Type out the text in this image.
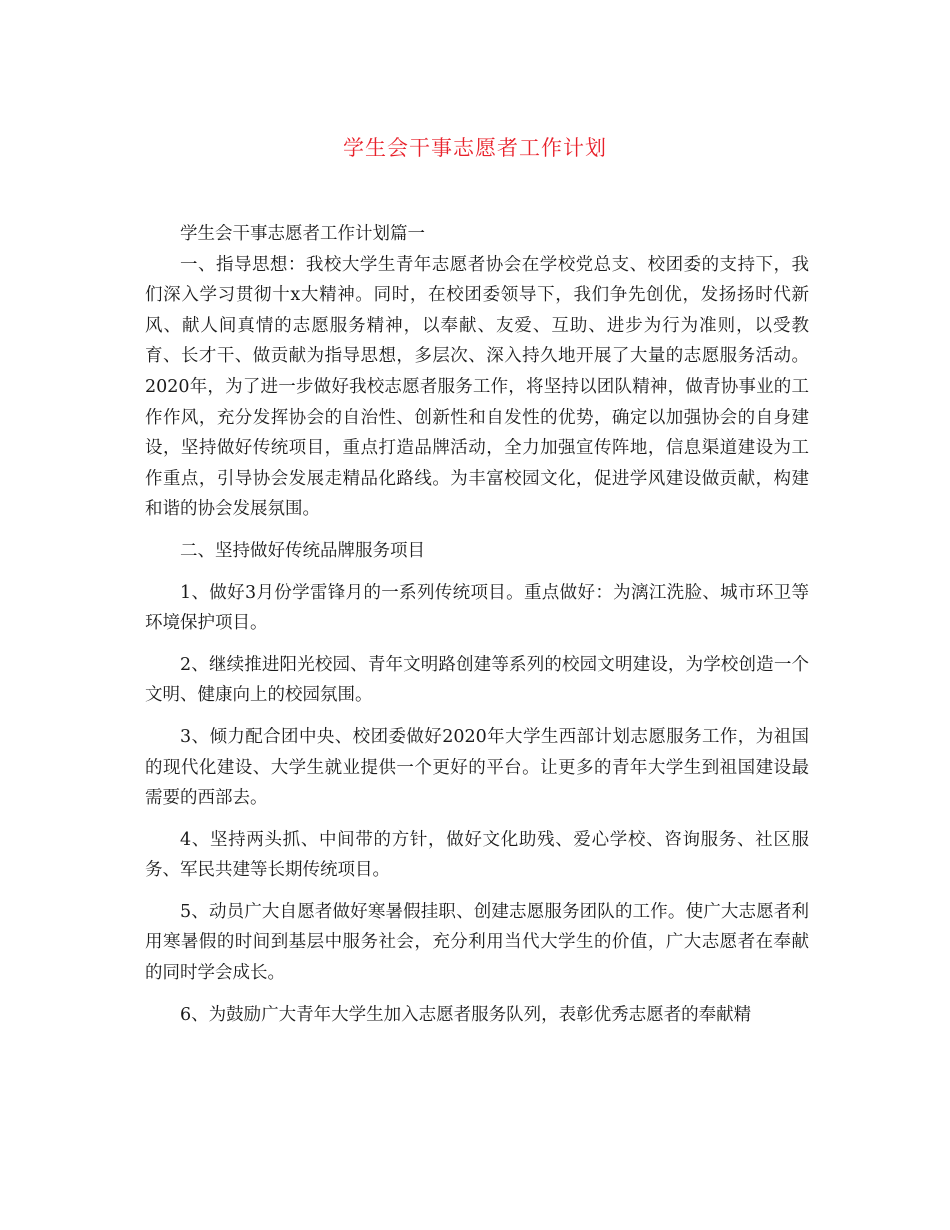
学生会干事志愿者工作计划

学生会干事志愿者工作计划篇一

一、指导思想：我校大学生青年志愿者协会在学校党总支、校团委的支持下，我们深入学习贯彻十x大精神。同时，在校团委领导下，我们争先创优，发扬扬时代新风、献人间真情的志愿服务精神，以奉献、友爱、互助、进步为行为准则，以受教育、长才干、做贡献为指导思想，多层次、深入持久地开展了大量的志愿服务活动。2020年，为了进一步做好我校志愿者服务工作，将坚持以团队精神，做青协事业的工作作风，充分发挥协会的自治性、创新性和自发性的优势，确定以加强协会的自身建设，坚持做好传统项目，重点打造品牌活动，全力加强宣传阵地，信息渠道建设为工作重点，引导协会发展走精品化路线。为丰富校园文化，促进学风建设做贡献，构建和谐的协会发展氛围。

二、坚持做好传统品牌服务项目

1、做好3月份学雷锋月的一系列传统项目。重点做好：为漓江洗脸、城市环卫等环境保护项目。

2、继续推进阳光校园、青年文明路创建等系列的校园文明建设，为学校创造一个文明、健康向上的校园氛围。

3、倾力配合团中央、校团委做好2020年大学生西部计划志愿服务工作，为祖国的现代化建设、大学生就业提供一个更好的平台。让更多的青年大学生到祖国建设最需要的西部去。

4、坚持两头抓、中间带的方针，做好文化助残、爱心学校、咨询服务、社区服务、军民共建等长期传统项目。

5、动员广大自愿者做好寒暑假挂职、创建志愿服务团队的工作。使广大志愿者利用寒暑假的时间到基层中服务社会，充分利用当代大学生的价值，广大志愿者在奉献的同时学会成长。

6、为鼓励广大青年大学生加入志愿者服务队列，表彰优秀志愿者的奉献精
